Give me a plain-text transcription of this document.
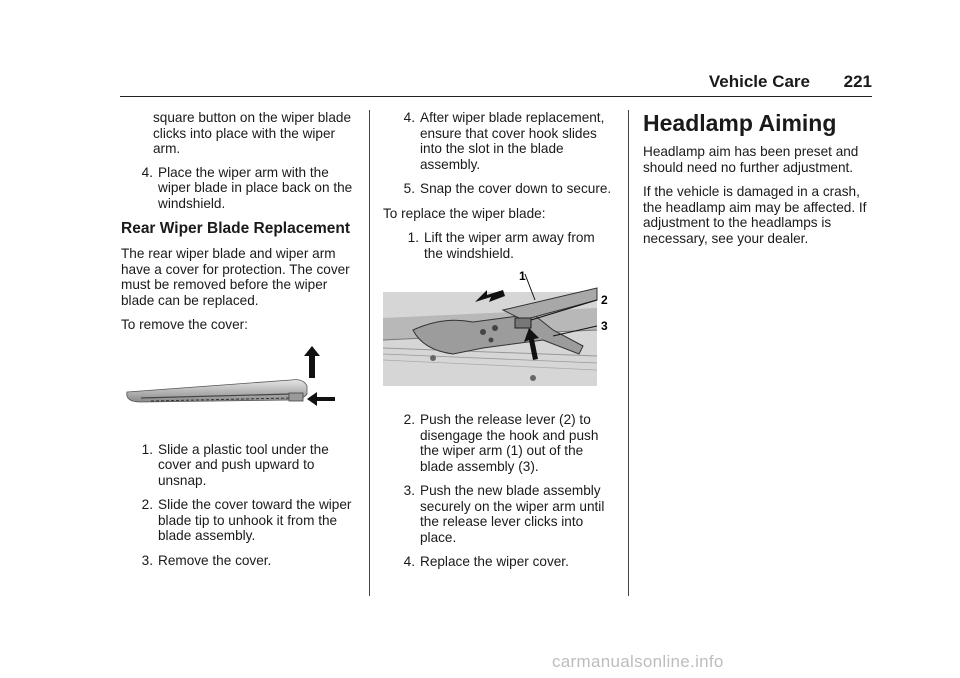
Vehicle Care 221
square button on the wiper blade clicks into place with the wiper arm.
4. Place the wiper arm with the wiper blade in place back on the windshield.
Rear Wiper Blade Replacement

The rear wiper blade and wiper arm have a cover for protection. The cover must be removed before the wiper blade can be replaced.

To remove the cover:

1. Slide a plastic tool under the cover and push upward to unsnap.
2. Slide the cover toward the wiper blade tip to unhook it from the blade assembly.
3. Remove the cover.
4. After wiper blade replacement, ensure that cover hook slides into the slot in the blade assembly.
5. Snap the cover down to secure.

To replace the wiper blade:

1. Lift the wiper arm away from the windshield.
1
2
3
2. Push the release lever (2) to disengage the hook and push the wiper arm (1) out of the blade assembly (3).
3. Push the new blade assembly securely on the wiper arm until the release lever clicks into place.
4. Replace the wiper cover.
Headlamp Aiming

Headlamp aim has been preset and should need no further adjustment.

If the vehicle is damaged in a crash, the headlamp aim may be affected. If adjustment to the headlamps is necessary, see your dealer.

carmanualsonline.info
